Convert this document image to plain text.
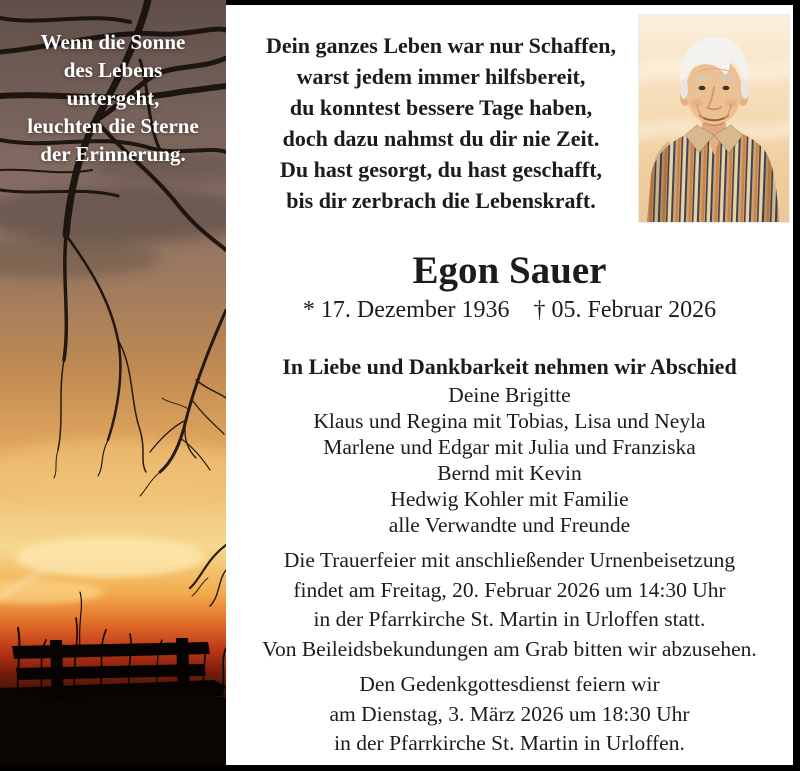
Wenn die Sonne
des Lebens
untergeht,
leuchten die Sterne
der Erinnerung.
Dein ganzes Leben war nur Schaffen,
warst jedem immer hilfsbereit,
du konntest bessere Tage haben,
doch dazu nahmst du dir nie Zeit.
Du hast gesorgt, du hast geschafft,
bis dir zerbrach die Lebenskraft.
Egon Sauer
* 17. Dezember 1936 † 05. Februar 2026
In Liebe und Dankbarkeit nehmen wir Abschied
Deine Brigitte
Klaus und Regina mit Tobias, Lisa und Neyla
Marlene und Edgar mit Julia und Franziska
Bernd mit Kevin
Hedwig Kohler mit Familie
alle Verwandte und Freunde
Die Trauerfeier mit anschließender Urnenbeisetzung
findet am Freitag, 20. Februar 2026 um 14:30 Uhr
in der Pfarrkirche St. Martin in Urloffen statt.
Von Beileidsbekundungen am Grab bitten wir abzusehen.
Den Gedenkgottesdienst feiern wir
am Dienstag, 3. März 2026 um 18:30 Uhr
in der Pfarrkirche St. Martin in Urloffen.
